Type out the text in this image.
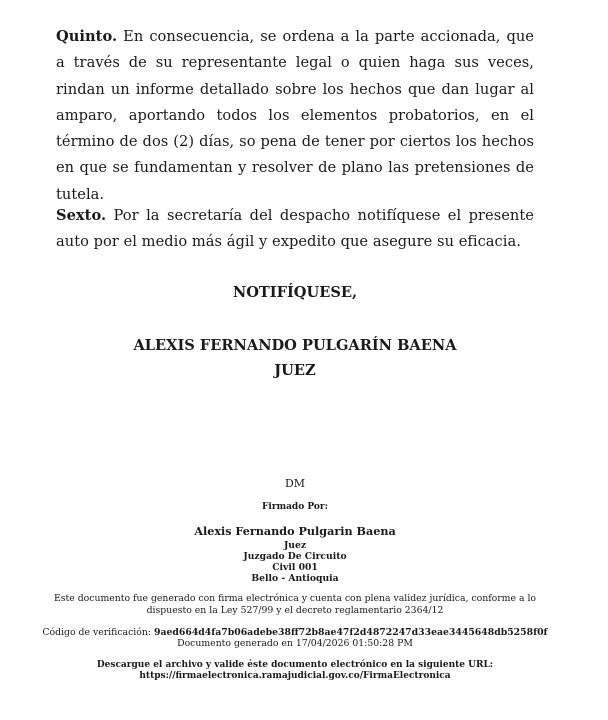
Quinto. En consecuencia, se ordena a la parte accionada, que a través de su representante legal o quien haga sus veces, rindan un informe detallado sobre los hechos que dan lugar al amparo, aportando todos los elementos probatorios, en el término de dos (2) días, so pena de tener por ciertos los hechos en que se fundamentan y resolver de plano las pretensiones de tutela.

Sexto. Por la secretaría del despacho notifíquese el presente auto por el medio más ágil y expedito que asegure su eficacia.

NOTIFÍQUESE,
ALEXIS FERNANDO PULGARÍN BAENA
JUEZ
DM
Firmado Por:
Alexis Fernando Pulgarin Baena
Juez
Juzgado De Circuito
Civil 001
Bello - Antioquia
Este documento fue generado con firma electrónica y cuenta con plena validez jurídica, conforme a lo dispuesto en la Ley 527/99 y el decreto reglamentario 2364/12
Código de verificación: 9aed664d4fa7b06adebe38ff72b8ae47f2d4872247d33eae3445648db5258f0f
Documento generado en 17/04/2026 01:50:28 PM
Descargue el archivo y valide éste documento electrónico en la siguiente URL:
https://firmaelectronica.ramajudicial.gov.co/FirmaElectronica
